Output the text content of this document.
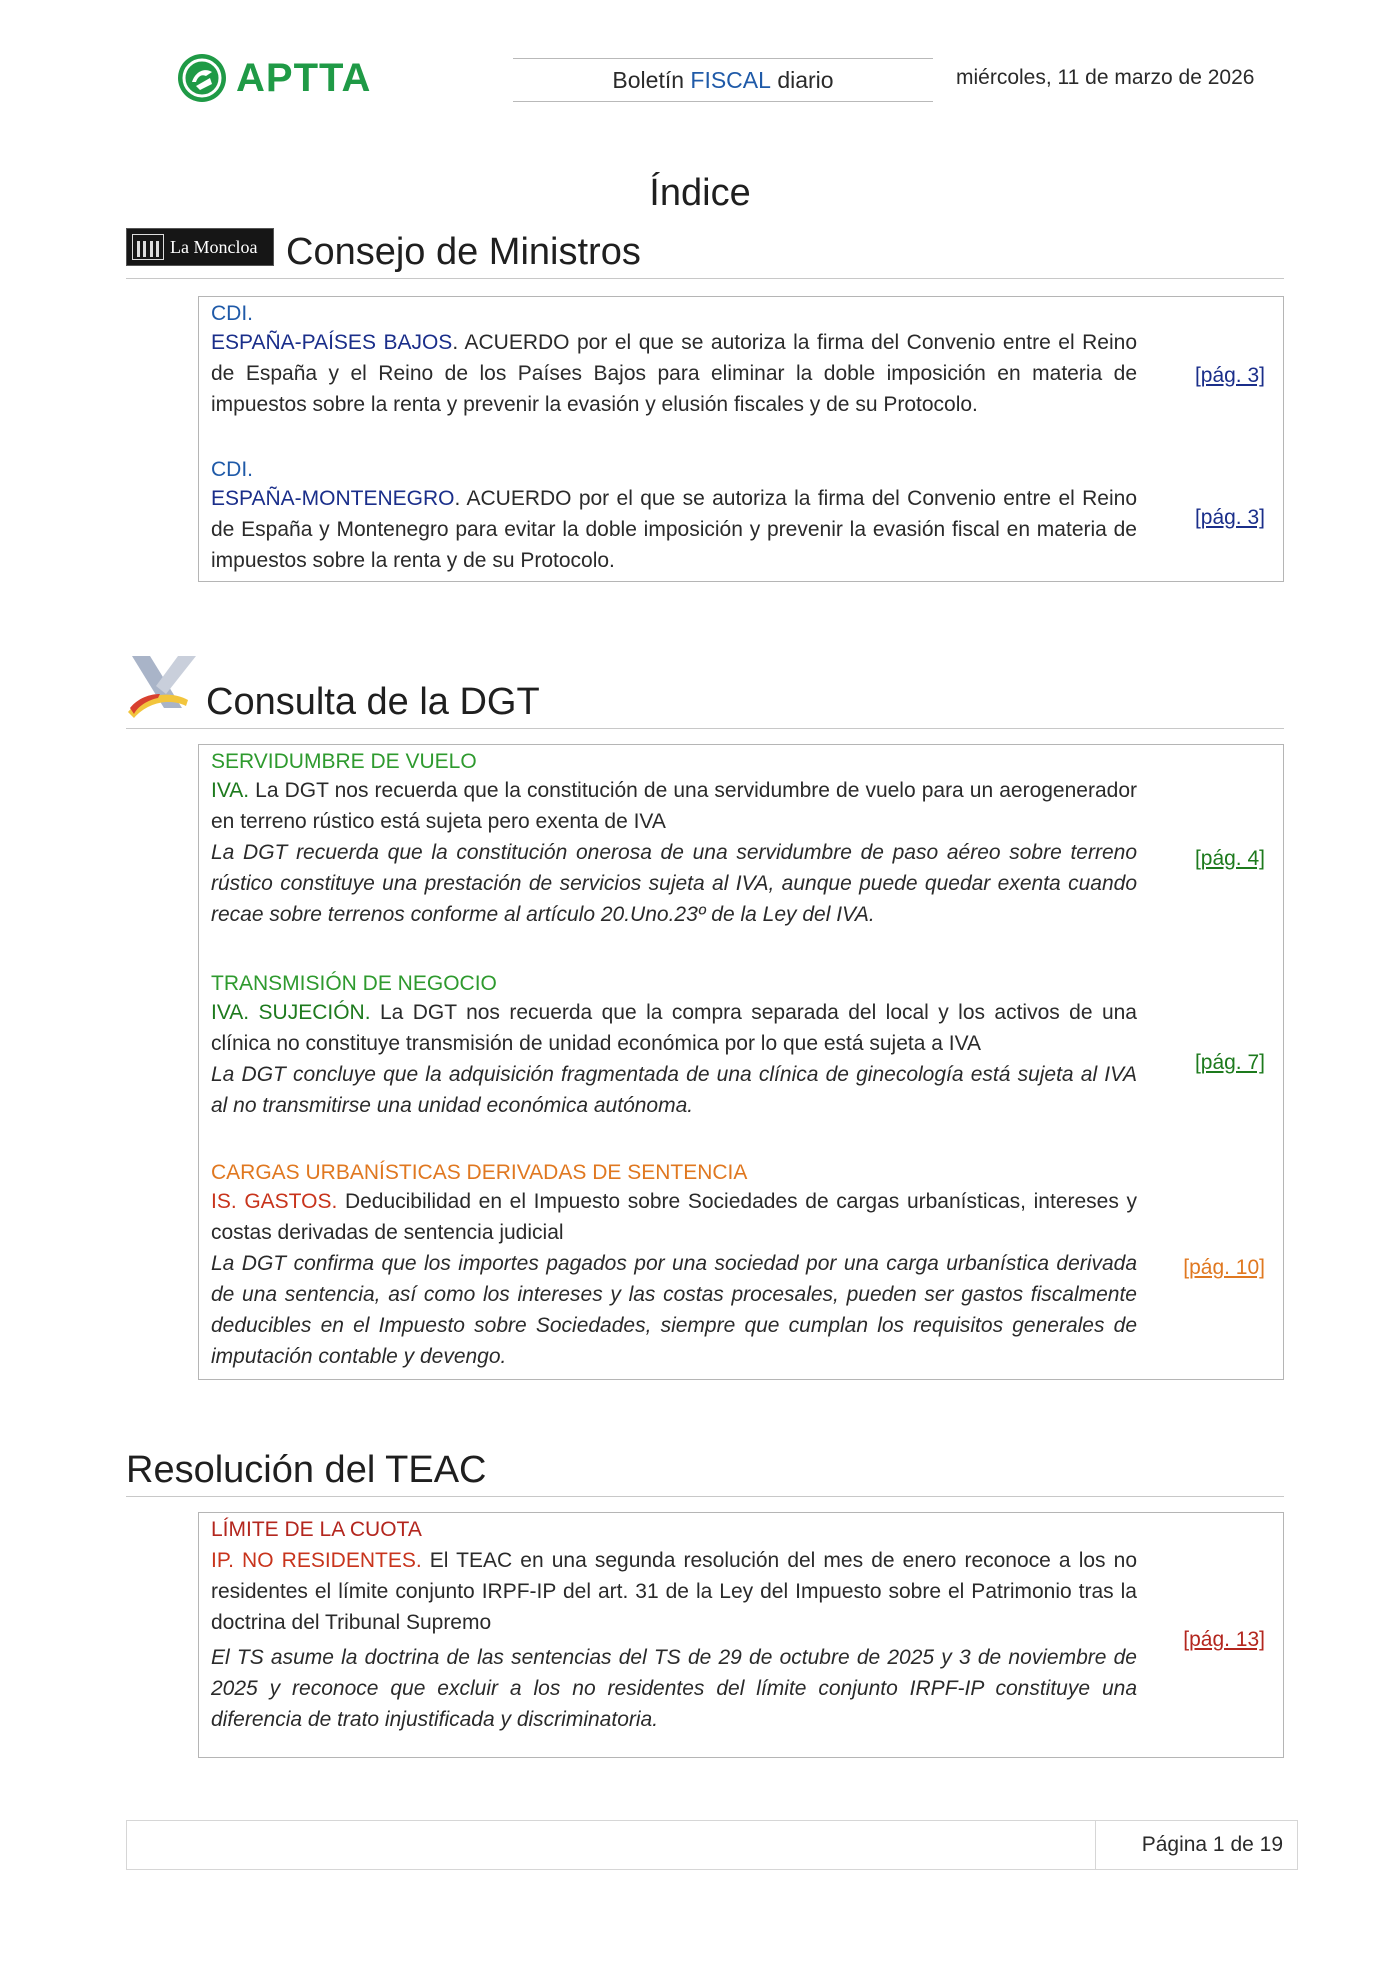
APTTA	Boletín FISCAL diario	miércoles, 11 de marzo de 2026
Índice
La Moncloa Consejo de Ministros
CDI.
ESPAÑA-PAÍSES BAJOS. ACUERDO por el que se autoriza la firma del Convenio entre el Reino de España y el Reino de los Países Bajos para eliminar la doble imposición en materia de impuestos sobre la renta y prevenir la evasión y elusión fiscales y de su Protocolo.
[pág. 3]
CDI.
ESPAÑA-MONTENEGRO. ACUERDO por el que se autoriza la firma del Convenio entre el Reino de España y Montenegro para evitar la doble imposición y prevenir la evasión fiscal en materia de impuestos sobre la renta y de su Protocolo.
[pág. 3]
Consulta de la DGT
SERVIDUMBRE DE VUELO
IVA. La DGT nos recuerda que la constitución de una servidumbre de vuelo para un aerogenerador en terreno rústico está sujeta pero exenta de IVA
La DGT recuerda que la constitución onerosa de una servidumbre de paso aéreo sobre terreno rústico constituye una prestación de servicios sujeta al IVA, aunque puede quedar exenta cuando recae sobre terrenos conforme al artículo 20.Uno.23º de la Ley del IVA.
[pág. 4]
TRANSMISIÓN DE NEGOCIO
IVA. SUJECIÓN. La DGT nos recuerda que la compra separada del local y los activos de una clínica no constituye transmisión de unidad económica por lo que está sujeta a IVA
La DGT concluye que la adquisición fragmentada de una clínica de ginecología está sujeta al IVA al no transmitirse una unidad económica autónoma.
[pág. 7]
CARGAS URBANÍSTICAS DERIVADAS DE SENTENCIA
IS. GASTOS. Deducibilidad en el Impuesto sobre Sociedades de cargas urbanísticas, intereses y costas derivadas de sentencia judicial
La DGT confirma que los importes pagados por una sociedad por una carga urbanística derivada de una sentencia, así como los intereses y las costas procesales, pueden ser gastos fiscalmente deducibles en el Impuesto sobre Sociedades, siempre que cumplan los requisitos generales de imputación contable y devengo.
[pág. 10]
Resolución del TEAC
LÍMITE DE LA CUOTA
IP. NO RESIDENTES. El TEAC en una segunda resolución del mes de enero reconoce a los no residentes el límite conjunto IRPF-IP del art. 31 de la Ley del Impuesto sobre el Patrimonio tras la doctrina del Tribunal Supremo
El TS asume la doctrina de las sentencias del TS de 29 de octubre de 2025 y 3 de noviembre de 2025 y reconoce que excluir a los no residentes del límite conjunto IRPF-IP constituye una diferencia de trato injustificada y discriminatoria.
[pág. 13]
Página 1 de 19
